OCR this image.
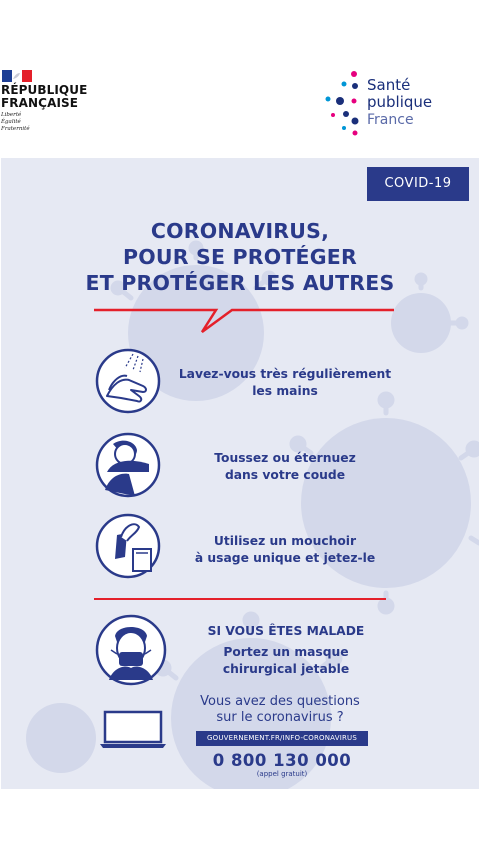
RÉPUBLIQUE
FRANÇAISE
Liberté
Égalité
Fraternité
Santé
publique
France
COVID-19
CORONAVIRUS,
POUR SE PROTÉGER
ET PROTÉGER LES AUTRES
Lavez-vous très régulièrement
les mains
Toussez ou éternuez
dans votre coude
Utilisez un mouchoir
à usage unique et jetez-le
SI VOUS ÊTES MALADE
Portez un masque
chirurgical jetable
Vous avez des questions
sur le coronavirus ?
GOUVERNEMENT.FR/INFO-CORONAVIRUS
0 800 130 000
(appel gratuit)
